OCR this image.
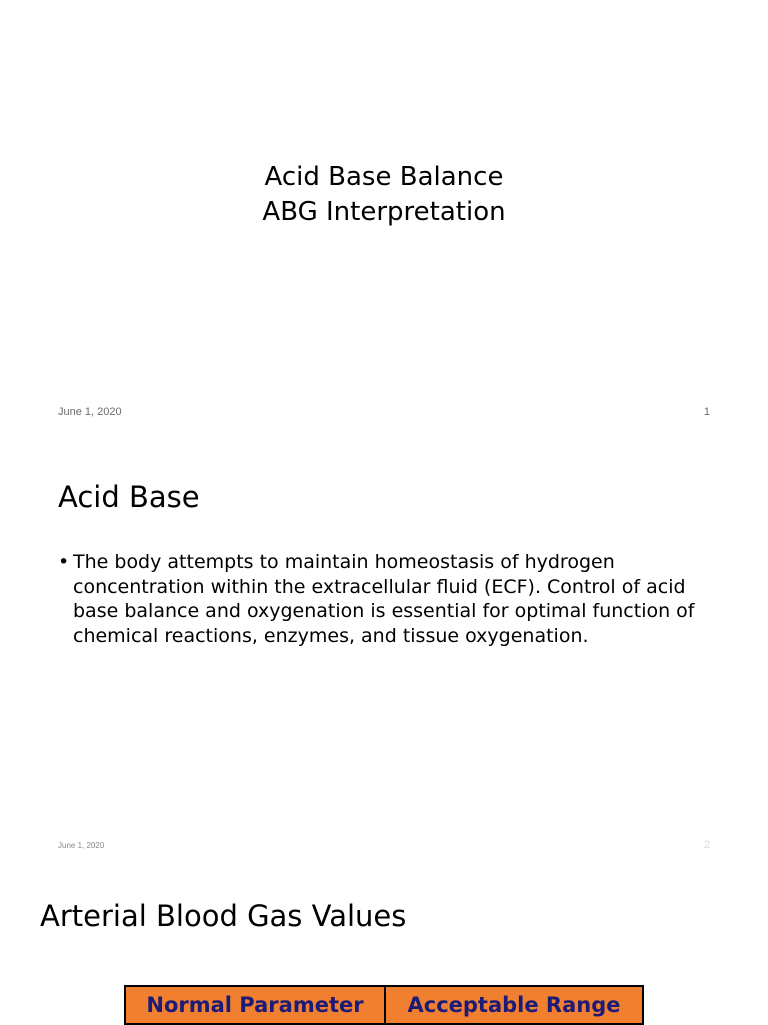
Acid Base Balance
ABG Interpretation
June 1, 2020	1
Acid Base
• The body attempts to maintain homeostasis of hydrogen concentration within the extracellular fluid (ECF). Control of acid base balance and oxygenation is essential for optimal function of chemical reactions, enzymes, and tissue oxygenation.
June 1, 2020	2
Arterial Blood Gas Values
Normal Parameter	Acceptable Range
